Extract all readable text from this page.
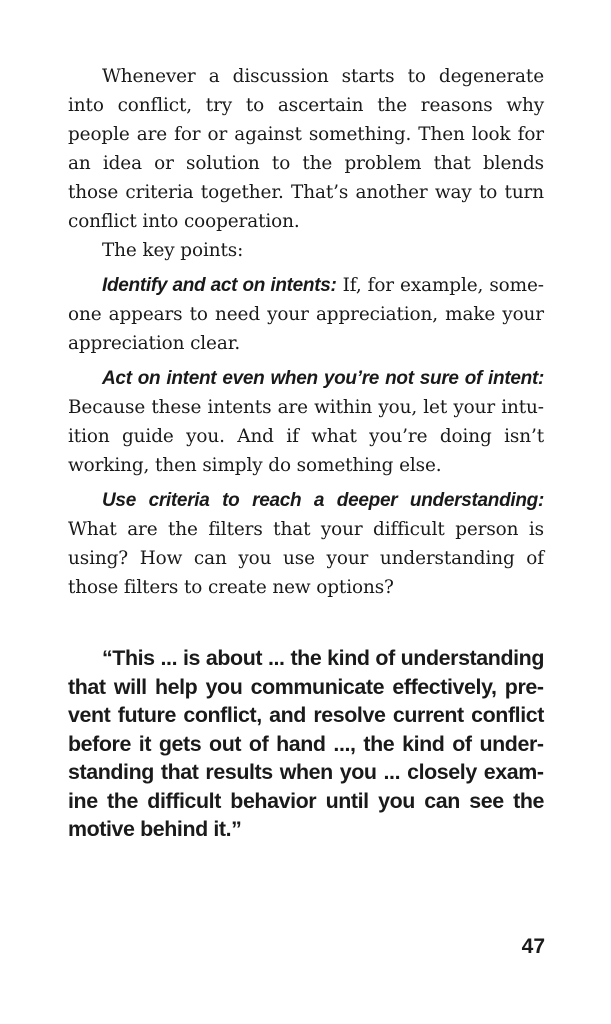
Whenever a discussion starts to degenerate into conflict, try to ascertain the reasons why people are for or against something. Then look for an idea or solution to the problem that blends those criteria together. That’s another way to turn conflict into cooperation.

The key points:

Identify and act on intents: If, for example, someone appears to need your appreciation, make your appreciation clear.

Act on intent even when you’re not sure of intent: Because these intents are within you, let your intuition guide you. And if what you’re doing isn’t working, then simply do something else.

Use criteria to reach a deeper understanding: What are the filters that your difficult person is using? How can you use your understanding of those filters to create new options?

“This ... is about ... the kind of understanding that will help you communicate effectively, prevent future conflict, and resolve current conflict before it gets out of hand ..., the kind of understanding that results when you ... closely examine the difficult behavior until you can see the motive behind it.”

47
